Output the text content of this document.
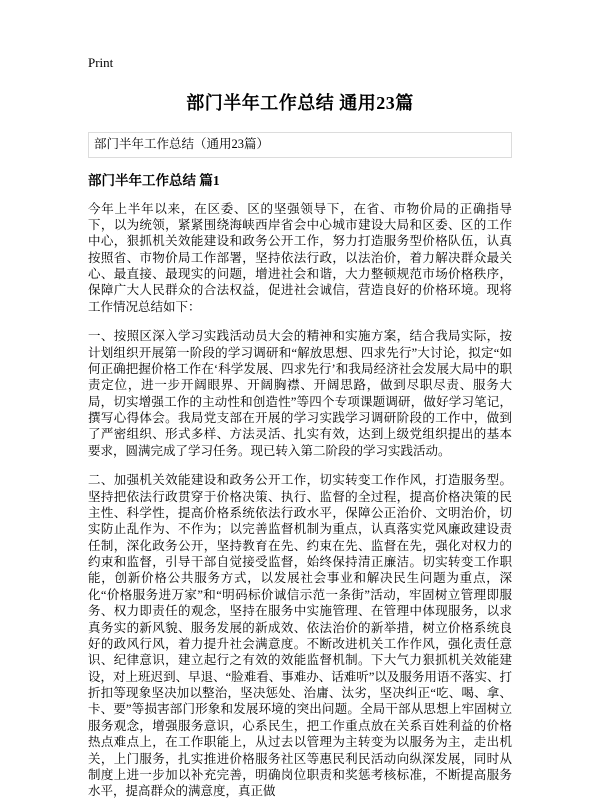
Print
部门半年工作总结 通用23篇
部门半年工作总结（通用23篇）
部门半年工作总结 篇1

今年上半年以来，在区委、区的坚强领导下，在省、市物价局的正确指导下，以为统领，紧紧围绕海峡西岸省会中心城市建设大局和区委、区的工作中心，狠抓机关效能建设和政务公开工作，努力打造服务型价格队伍，认真按照省、市物价局工作部署，坚持依法行政，以法治价，着力解决群众最关心、最直接、最现实的问题，增进社会和谐，大力整顿规范市场价格秩序，保障广大人民群众的合法权益，促进社会诚信，营造良好的价格环境。现将工作情况总结如下：

一、按照区深入学习实践活动员大会的精神和实施方案，结合我局实际，按计划组织开展第一阶段的学习调研和“解放思想、四求先行”大讨论，拟定“如何正确把握价格工作在‘科学发展、四求先行’和我局经济社会发展大局中的职责定位，进一步开阔眼界、开阔胸襟、开阔思路，做到尽职尽责、服务大局，切实增强工作的主动性和创造性”等四个专项课题调研，做好学习笔记，撰写心得体会。我局党支部在开展的学习实践学习调研阶段的工作中，做到了严密组织、形式多样、方法灵活、扎实有效，达到上级党组织提出的基本要求，圆满完成了学习任务。现已转入第二阶段的学习实践活动。

二、加强机关效能建设和政务公开工作，切实转变工作作风，打造服务型。坚持把依法行政贯穿于价格决策、执行、监督的全过程，提高价格决策的民主性、科学性，提高价格系统依法行政水平，保障公正治价、文明治价，切实防止乱作为、不作为；以完善监督机制为重点，认真落实党风廉政建设责任制，深化政务公开，坚持教育在先、约束在先、监督在先，强化对权力的约束和监督，引导干部自觉接受监督，始终保持清正廉洁。切实转变工作职能，创新价格公共服务方式，以发展社会事业和解决民生问题为重点，深化“价格服务进万家”和“明码标价诚信示范一条街”活动，牢固树立管理即服务、权力即责任的观念，坚持在服务中实施管理、在管理中体现服务，以求真务实的新风貌、服务发展的新成效、依法治价的新举措，树立价格系统良好的政风行风，着力提升社会满意度。不断改进机关工作作风，强化责任意识、纪律意识，建立起行之有效的效能监督机制。下大气力狠抓机关效能建设，对上班迟到、早退、“脸难看、事难办、话难听”以及服务用语不落实、打折扣等现象坚决加以整治，坚决惩处、治庸、汰劣，坚决纠正“吃、喝、拿、卡、要”等损害部门形象和发展环境的突出问题。全局干部从思想上牢固树立服务观念，增强服务意识，心系民生，把工作重点放在关系百姓利益的价格热点难点上，在工作职能上，从过去以管理为主转变为以服务为主，走出机关，上门服务，扎实推进价格服务社区等惠民利民活动向纵深发展，同时从制度上进一步加以补充完善，明确岗位职责和奖惩考核标准，不断提高服务水平，提高群众的满意度，真正做
